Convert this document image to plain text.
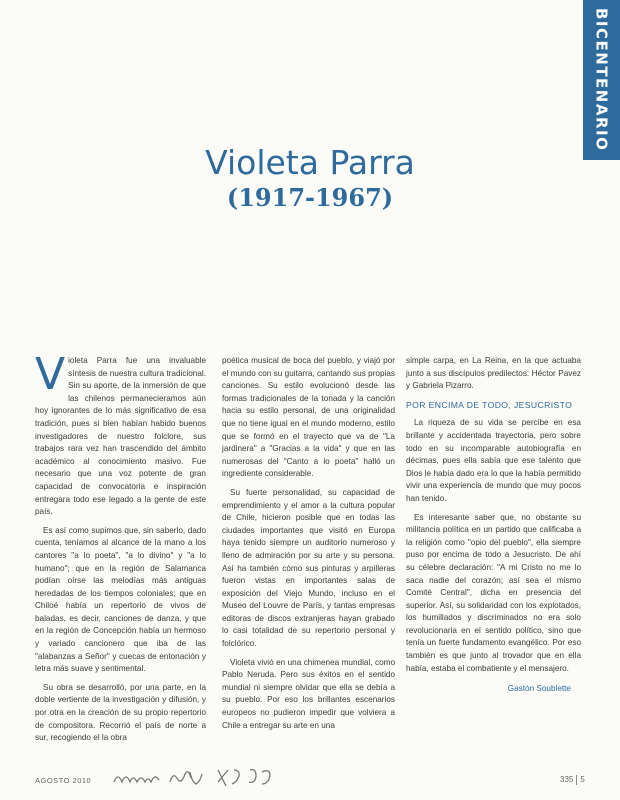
BICENTENARIO
Violeta Parra
(1917-1967)

Violeta Parra fue una invaluable síntesis de nuestra cultura tradicional. Sin su aporte, de la inmersión de que las chilenos permanecieramos aún hoy ignorantes de lo más significativo de esa tradición, pues si bien habían habido buenos investigadores de nuestro folclore, sus trabajos rara vez han trascendido del ámbito académico al conocimiento masivo. Fue necesario que una voz potente de gran capacidad de convocatoria e inspiración entregara todo ese legado a la gente de este país.

Es así como supimos que, sin saberlo, dado cuenta, teníamos al alcance de la mano a los cantores "a lo poeta", "a lo divino" y "a lo humano"; que en la región de Salamanca podían oírse las melodías más antiguas heredadas de los tiempos coloniales; que en Chiloé había un repertorio de vivos de baladas, es decir, canciones de danza, y que en la región de Concepción había un hermoso y variado cancionero que iba de las "alabanzas a Señor" y cuecas de entonación y letra más suave y sentimental.

Su obra se desarrolló, por una parte, en la doble vertiente de la investigación y difusión, y por otra en la creación de su propio repertorio de compositora. Recorrió el país de norte a sur, recogiendo el la obra

poética musical de boca del pueblo, y viajó por el mundo con su guitarra, cantando sus propias canciones. Su estilo evolucionó desde las formas tradicionales de la tonada y la canción hacia su estilo personal, de una originalidad que no tiene igual en el mundo moderno, estilo que se formó en el trayecto que va de "La jardinera" a "Gracias a la vida" y que en las numerosas del "Canto a lo poeta" halló un ingrediente considerable.

Su fuerte personalidad, su capacidad de emprendimiento y el amor a la cultura popular de Chile, hicieron posible que en todas las ciudades importantes que visitó en Europa haya tenido siempre un auditorio numeroso y lleno de admiración por su arte y su persona. Así ha también cómo sus pinturas y arpilleras fueron vistas en importantes salas de exposición del Viejo Mundo, incluso en el Museo del Louvre de París, y tantas empresas editoras de discos extranjeras hayan grabado lo casi totalidad de su repertorio personal y folclórico.

Violeta vivió en una chimenea mundial, como Pablo Neruda. Pero sus éxitos en el sentido mundial ni siempre olvidar que ella se debía a su pueblo. Por eso los brillantes escenarios europeos no pudieron impedir que volviera a Chile a entregar su arte en una

simple carpa, en La Reina, en la que actuaba junto a sus discípulos predilectos: Héctor Pavez y Gabriela Pizarro.

POR ENCIMA DE TODO, JESUCRISTO

La riqueza de su vida se percibe en esa brillante y accidentada trayectoria, pero sobre todo en su incomparable autobiografía en décimas, pues ella sabía que ese talento que Dios le había dado era lo que la había permitido vivir una experiencia de mundo que muy pocos han tenido.

Es interesante saber que, no obstante su militancia política en un partido que calificaba a la religión como "opio del pueblo", ella siempre puso por encima de todo a Jesucristo. De ahí su célebre declaración: "A mi Cristo no me lo saca nadie del corazón; así sea el mismo Comité Central", dicha en presencia del superior. Así, su solidaridad con los explotados, los humillados y discriminados no era solo revolucionaria en el sentido político, sino que tenía un fuerte fundamento evangélico. Por eso también es que junto al trovador que en ella había, estaba el combatiente y el mensajero.

Gastón Soublette
AGOSTO 2010	335 5
